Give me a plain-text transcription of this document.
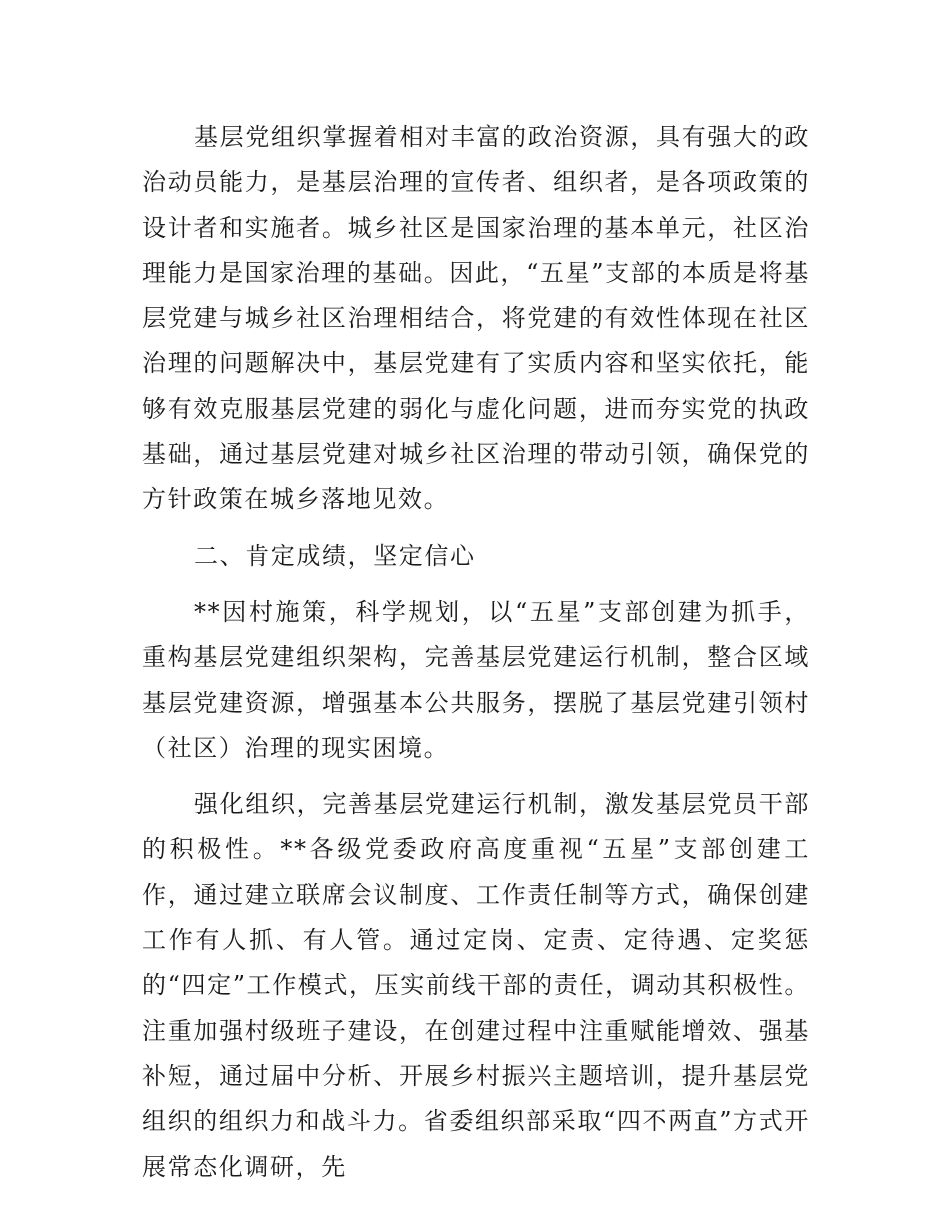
基层党组织掌握着相对丰富的政治资源，具有强大的政治动员能力，是基层治理的宣传者、组织者，是各项政策的设计者和实施者。城乡社区是国家治理的基本单元，社区治理能力是国家治理的基础。因此，“五星”支部的本质是将基层党建与城乡社区治理相结合，将党建的有效性体现在社区治理的问题解决中，基层党建有了实质内容和坚实依托，能够有效克服基层党建的弱化与虚化问题，进而夯实党的执政基础，通过基层党建对城乡社区治理的带动引领，确保党的方针政策在城乡落地见效。

二、肯定成绩，坚定信心

**因村施策，科学规划，以“五星”支部创建为抓手，重构基层党建组织架构，完善基层党建运行机制，整合区域基层党建资源，增强基本公共服务，摆脱了基层党建引领村（社区）治理的现实困境。

强化组织，完善基层党建运行机制，激发基层党员干部的积极性。**各级党委政府高度重视“五星”支部创建工作，通过建立联席会议制度、工作责任制等方式，确保创建工作有人抓、有人管。通过定岗、定责、定待遇、定奖惩的“四定”工作模式，压实前线干部的责任，调动其积极性。注重加强村级班子建设，在创建过程中注重赋能增效、强基补短，通过届中分析、开展乡村振兴主题培训，提升基层党组织的组织力和战斗力。省委组织部采取“四不两直”方式开展常态化调研，先
